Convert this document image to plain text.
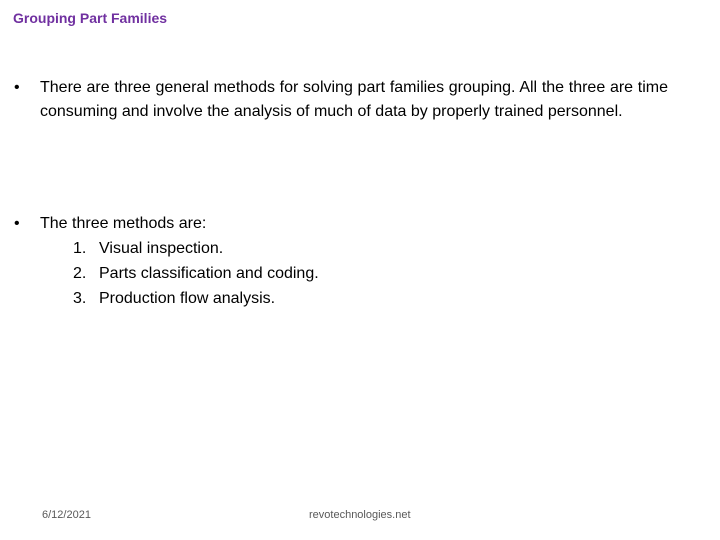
Grouping Part Families
•	There are three general methods for solving part families grouping. All the three are time consuming and involve the analysis of much of data by properly trained personnel.
•	The three methods are:
1. Visual inspection.
2. Parts classification and coding.
3. Production flow analysis.
6/12/2021	revotechnologies.net
